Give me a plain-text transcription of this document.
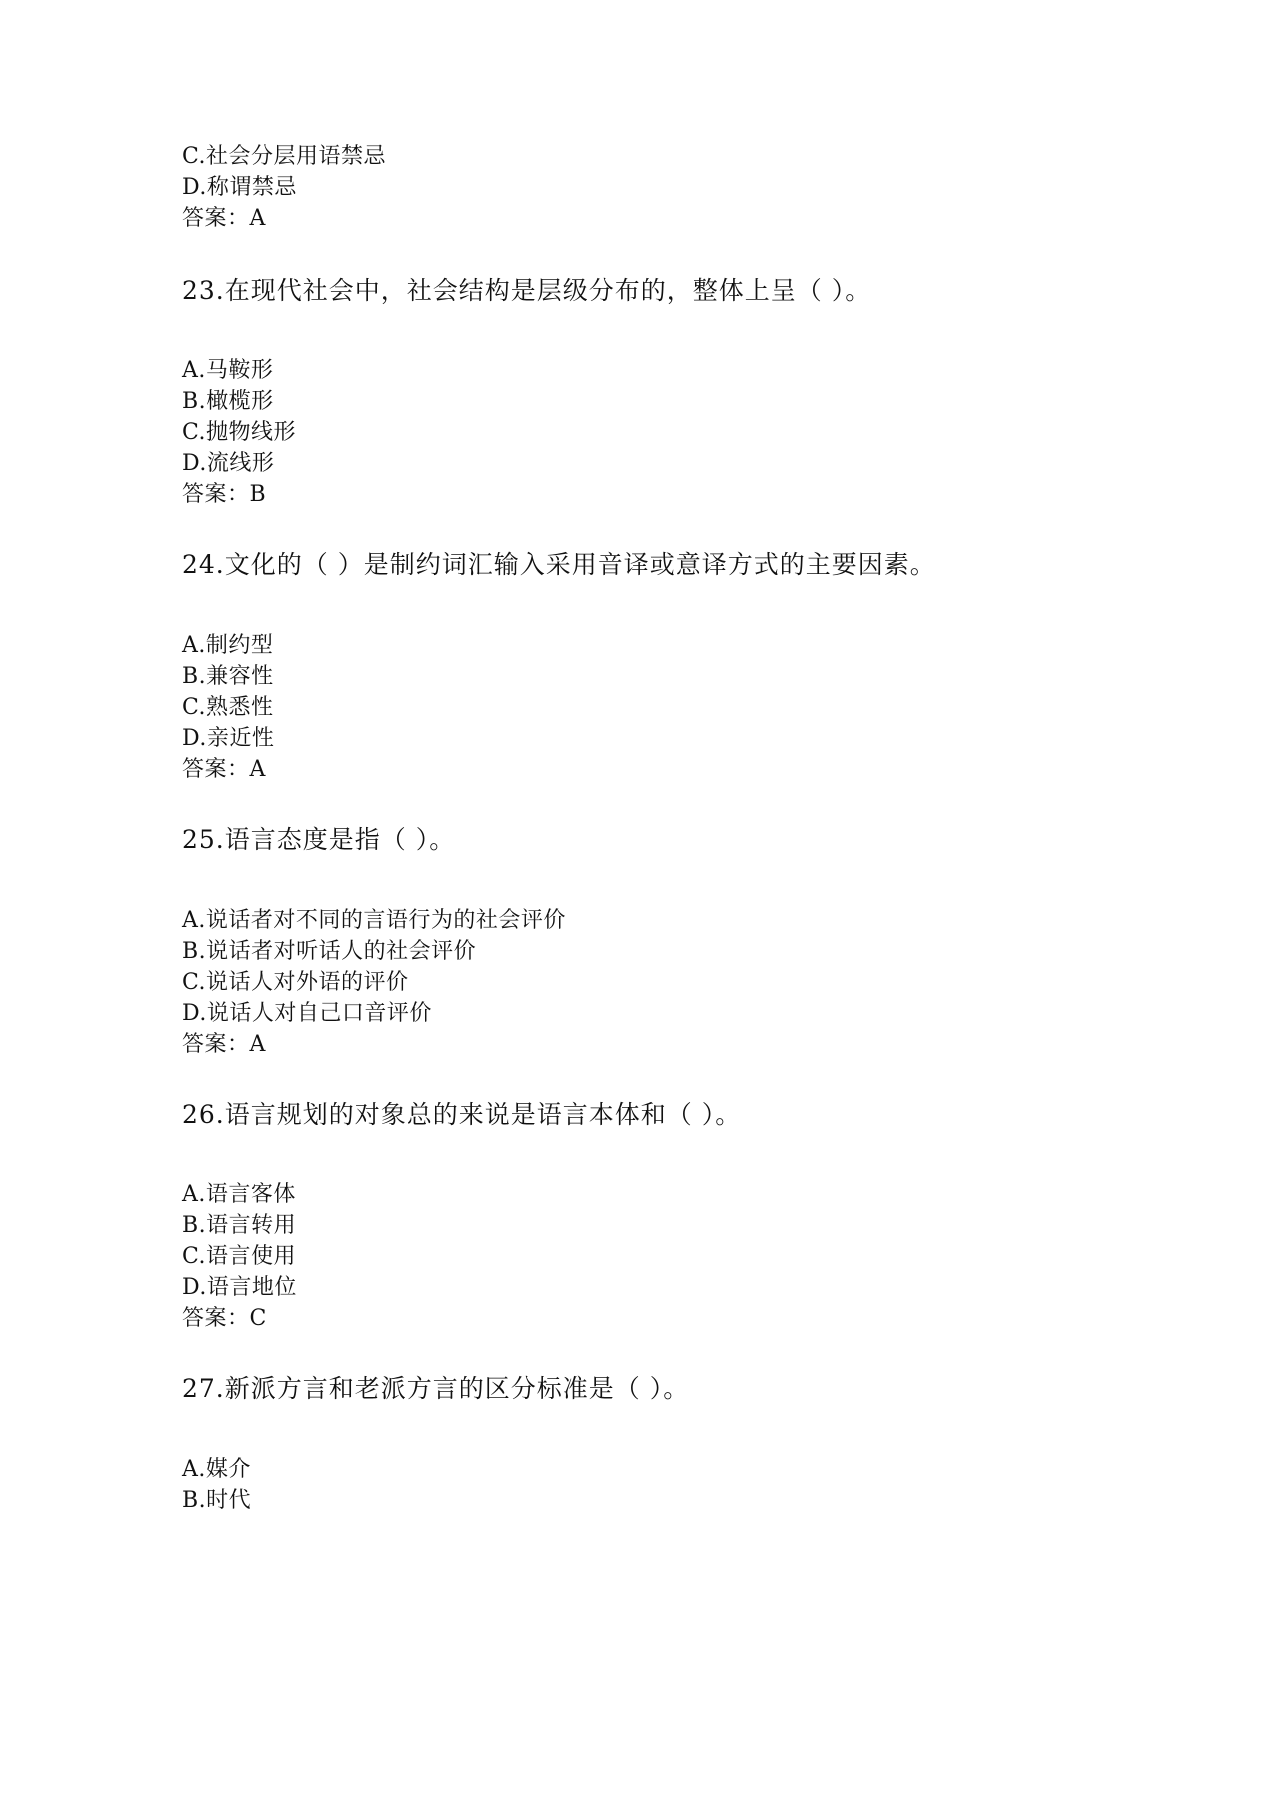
C.社会分层用语禁忌
D.称谓禁忌
答案：A
23.在现代社会中，社会结构是层级分布的，整体上呈（ ）。
A.马鞍形
B.橄榄形
C.抛物线形
D.流线形
答案：B
24.文化的（ ）是制约词汇输入采用音译或意译方式的主要因素。
A.制约型
B.兼容性
C.熟悉性
D.亲近性
答案：A
25.语言态度是指（ ）。
A.说话者对不同的言语行为的社会评价
B.说话者对听话人的社会评价
C.说话人对外语的评价
D.说话人对自己口音评价
答案：A
26.语言规划的对象总的来说是语言本体和（ ）。
A.语言客体
B.语言转用
C.语言使用
D.语言地位
答案：C
27.新派方言和老派方言的区分标准是（ ）。
A.媒介
B.时代
